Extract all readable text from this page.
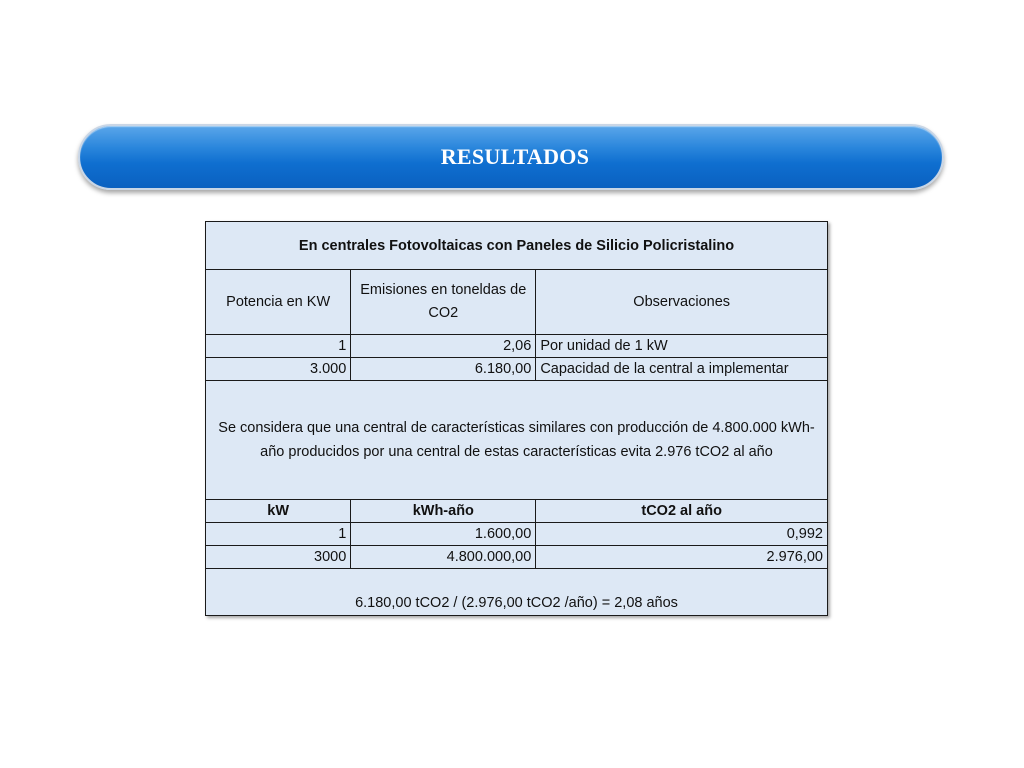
RESULTADOS
En centrales Fotovoltaicas con Paneles de Silicio Policristalino		
Potencia en KW	Emisiones en toneldas de CO2	Observaciones
1	2,06	Por unidad de 1 kW
3.000	6.180,00	Capacidad de la central a implementar
Se considera que una central de características similares con producción de 4.800.000 kWh-año producidos por una central de estas características evita 2.976 tCO2 al año		
kW	kWh-año	tCO2 al año
1	1.600,00	0,992
3000	4.800.000,00	2.976,00
6.180,00 tCO2 / (2.976,00 tCO2 /año) = 2,08 años		
